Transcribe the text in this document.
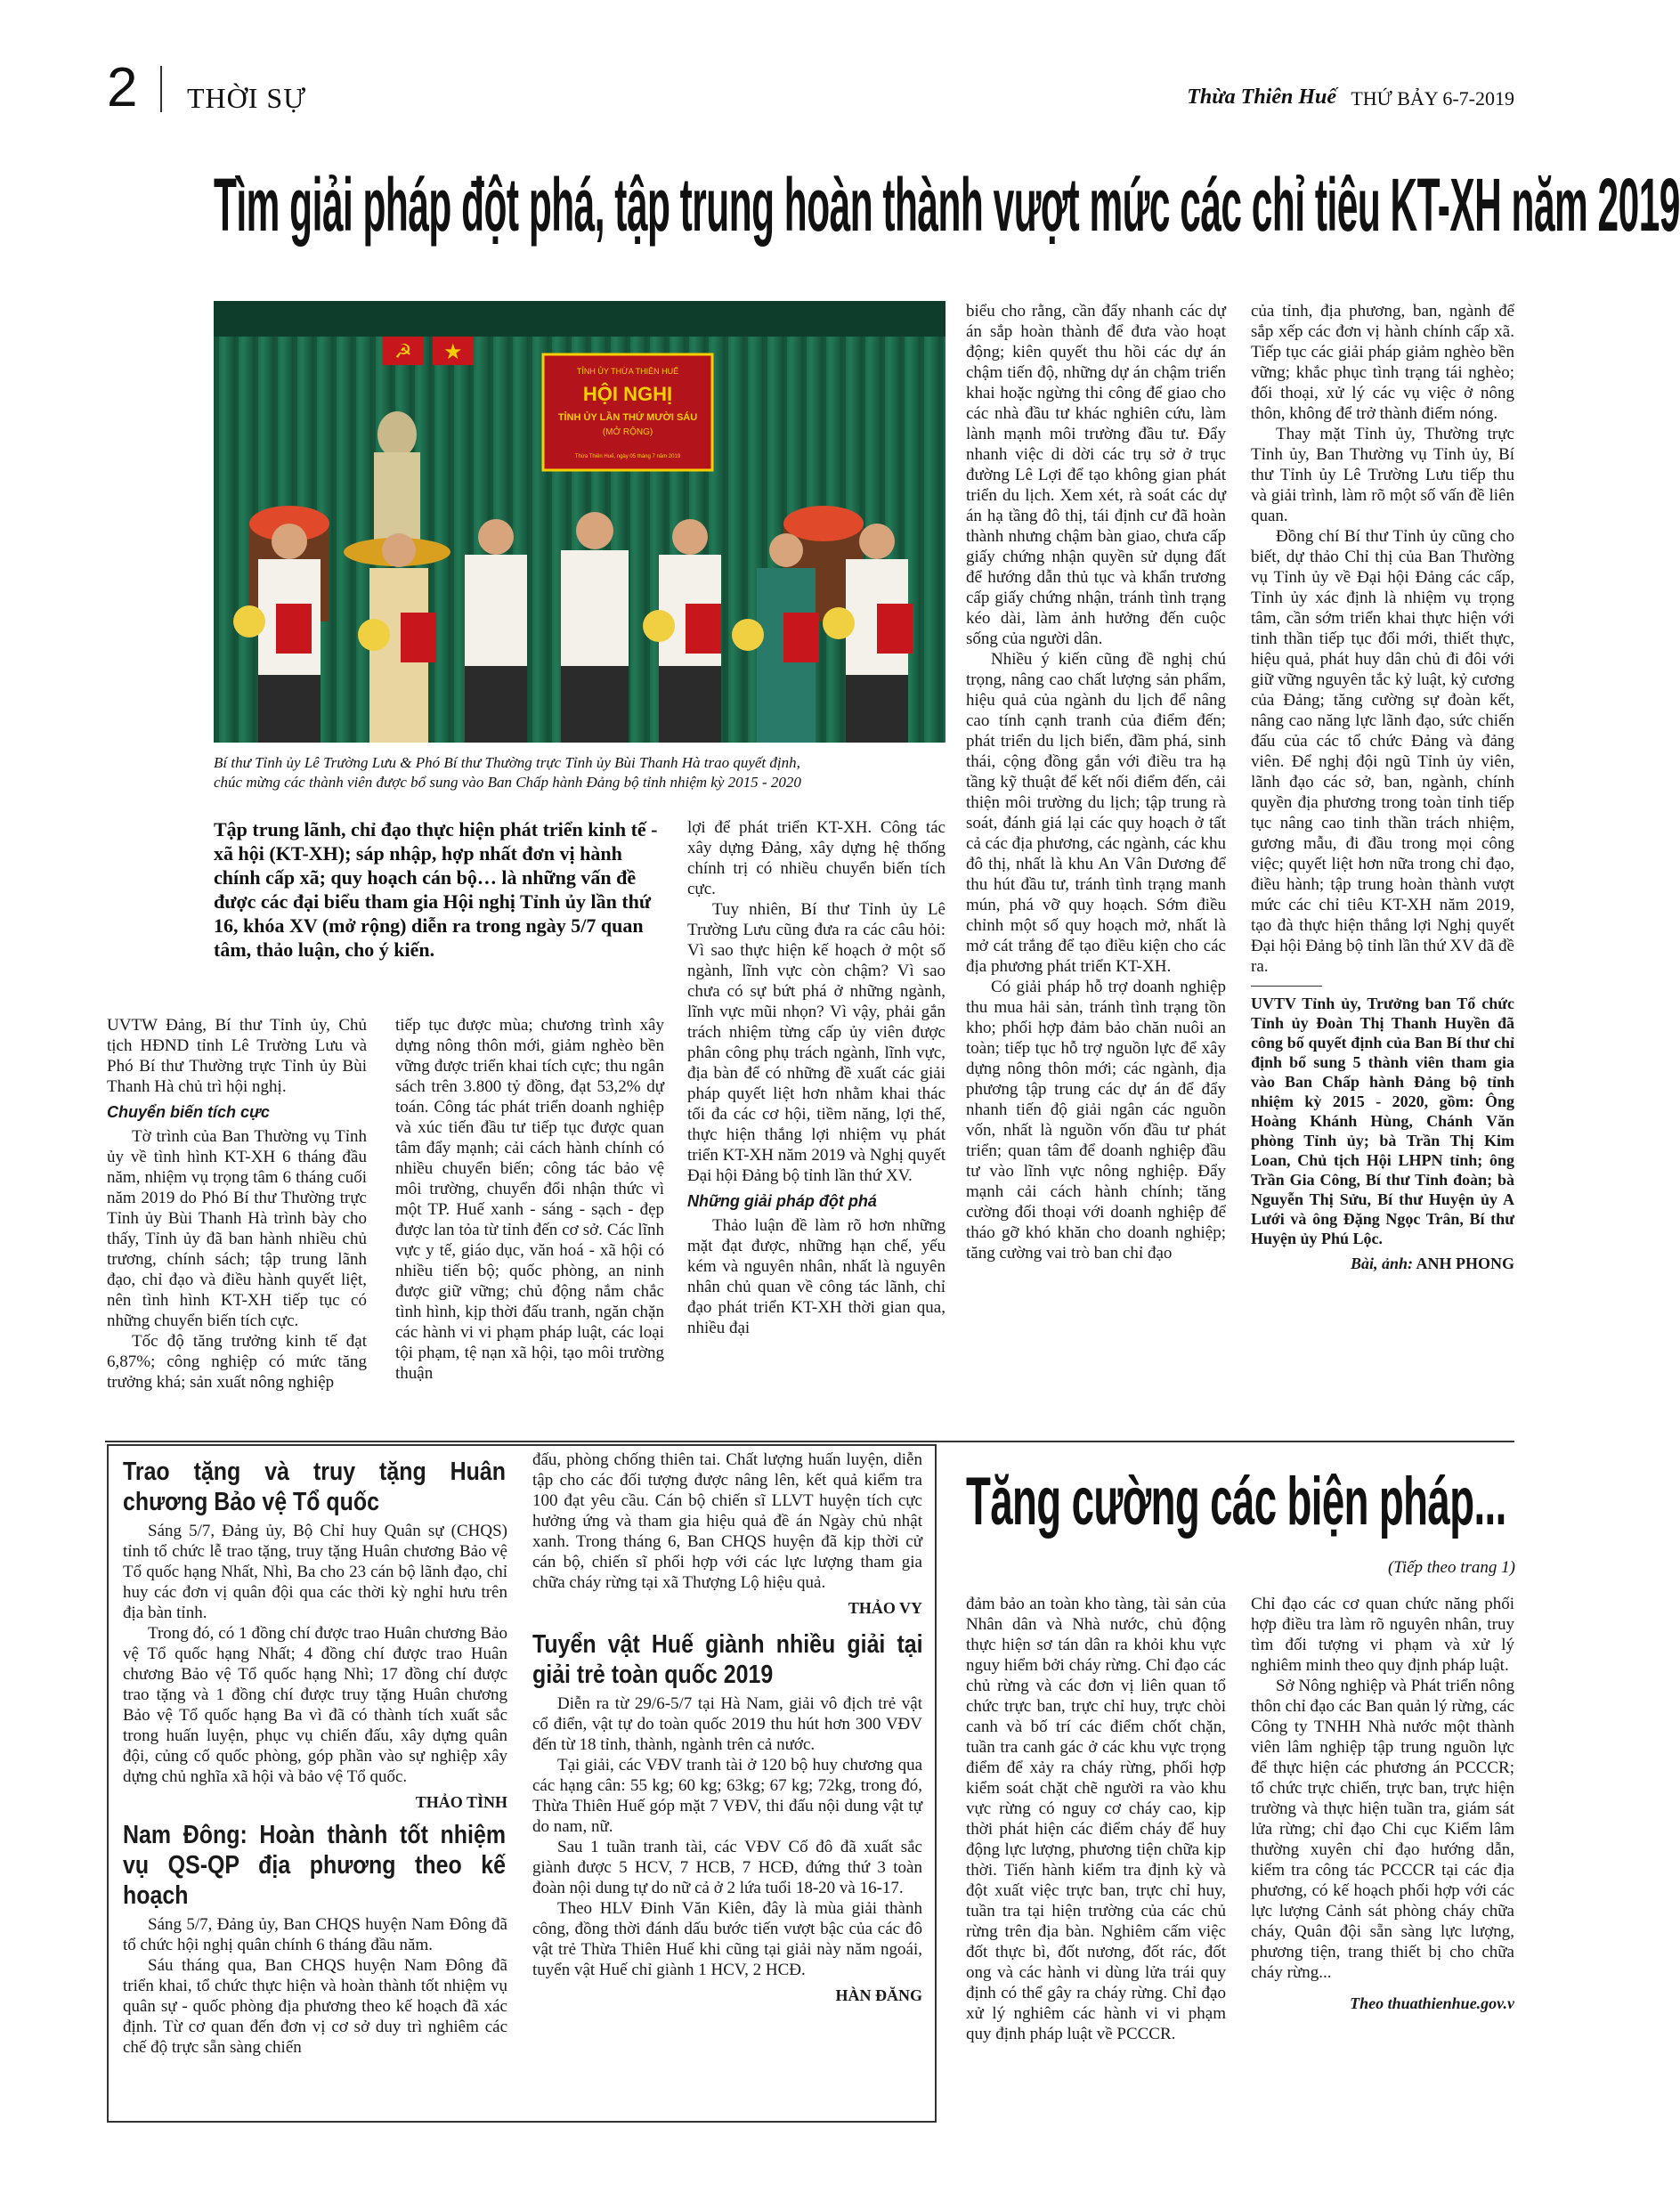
2 THỜI SỰ	Thừa Thiên Huế THỨ BẢY 6-7-2019
Tìm giải pháp đột phá, tập trung hoàn thành vượt mức các chỉ tiêu KT-XH năm 2019
☭ ★
TỈNH ỦY THỪA THIÊN HUẾ
HỘI NGHỊ
TỈNH ỦY LẦN THỨ MƯỜI SÁU
(MỞ RỘNG)
Thừa Thiên Huế, ngày 05 tháng 7 năm 2019
Bí thư Tỉnh ủy Lê Trường Lưu & Phó Bí thư Thường trực Tỉnh ủy Bùi Thanh Hà trao quyết định,
chúc mừng các thành viên được bổ sung vào Ban Chấp hành Đảng bộ tỉnh nhiệm kỳ 2015 - 2020
Tập trung lãnh, chỉ đạo thực hiện phát triển kinh tế - xã hội (KT-XH); sáp nhập, hợp nhất đơn vị hành chính cấp xã; quy hoạch cán bộ… là những vấn đề được các đại biểu tham gia Hội nghị Tỉnh ủy lần thứ 16, khóa XV (mở rộng) diễn ra trong ngày 5/7 quan tâm, thảo luận, cho ý kiến.

UVTW Đảng, Bí thư Tỉnh ủy, Chủ tịch HĐND tỉnh Lê Trường Lưu và Phó Bí thư Thường trực Tỉnh ủy Bùi Thanh Hà chủ trì hội nghị.

Chuyển biến tích cực

Tờ trình của Ban Thường vụ Tỉnh ủy về tình hình KT-XH 6 tháng đầu năm, nhiệm vụ trọng tâm 6 tháng cuối năm 2019 do Phó Bí thư Thường trực Tỉnh ủy Bùi Thanh Hà trình bày cho thấy, Tỉnh ủy đã ban hành nhiều chủ trương, chính sách; tập trung lãnh đạo, chỉ đạo và điều hành quyết liệt, nên tình hình KT-XH tiếp tục có những chuyển biến tích cực.

Tốc độ tăng trưởng kinh tế đạt 6,87%; công nghiệp có mức tăng trưởng khá; sản xuất nông nghiệp

tiếp tục được mùa; chương trình xây dựng nông thôn mới, giảm nghèo bền vững được triển khai tích cực; thu ngân sách trên 3.800 tỷ đồng, đạt 53,2% dự toán. Công tác phát triển doanh nghiệp và xúc tiến đầu tư tiếp tục được quan tâm đẩy mạnh; cải cách hành chính có nhiều chuyển biến; công tác bảo vệ môi trường, chuyển đổi nhận thức vì một TP. Huế xanh - sáng - sạch - đẹp được lan tỏa từ tỉnh đến cơ sở. Các lĩnh vực y tế, giáo dục, văn hoá - xã hội có nhiều tiến bộ; quốc phòng, an ninh được giữ vững; chủ động nắm chắc tình hình, kịp thời đấu tranh, ngăn chặn các hành vi vi phạm pháp luật, các loại tội phạm, tệ nạn xã hội, tạo môi trường thuận

lợi để phát triển KT-XH. Công tác xây dựng Đảng, xây dựng hệ thống chính trị có nhiều chuyển biến tích cực.

Tuy nhiên, Bí thư Tỉnh ủy Lê Trường Lưu cũng đưa ra các câu hỏi: Vì sao thực hiện kế hoạch ở một số ngành, lĩnh vực còn chậm? Vì sao chưa có sự bứt phá ở những ngành, lĩnh vực mũi nhọn? Vì vậy, phải gắn trách nhiệm từng cấp ủy viên được phân công phụ trách ngành, lĩnh vực, địa bàn để có những đề xuất các giải pháp quyết liệt hơn nhằm khai thác tối đa các cơ hội, tiềm năng, lợi thế, thực hiện thắng lợi nhiệm vụ phát triển KT-XH năm 2019 và Nghị quyết Đại hội Đảng bộ tỉnh lần thứ XV.

Những giải pháp đột phá

Thảo luận đề làm rõ hơn những mặt đạt được, những hạn chế, yếu kém và nguyên nhân, nhất là nguyên nhân chủ quan về công tác lãnh, chỉ đạo phát triển KT-XH thời gian qua, nhiều đại

biểu cho rằng, cần đẩy nhanh các dự án sắp hoàn thành để đưa vào hoạt động; kiên quyết thu hồi các dự án chậm tiến độ, những dự án chậm triển khai hoặc ngừng thi công để giao cho các nhà đầu tư khác nghiên cứu, làm lành mạnh môi trường đầu tư. Đẩy nhanh việc di dời các trụ sở ở trục đường Lê Lợi để tạo không gian phát triển du lịch. Xem xét, rà soát các dự án hạ tầng đô thị, tái định cư đã hoàn thành nhưng chậm bàn giao, chưa cấp giấy chứng nhận quyền sử dụng đất để hướng dẫn thủ tục và khẩn trương cấp giấy chứng nhận, tránh tình trạng kéo dài, làm ảnh hưởng đến cuộc sống của người dân.

Nhiều ý kiến cũng đề nghị chú trọng, nâng cao chất lượng sản phẩm, hiệu quả của ngành du lịch để nâng cao tính cạnh tranh của điểm đến; phát triển du lịch biển, đầm phá, sinh thái, cộng đồng gắn với điều tra hạ tầng kỹ thuật để kết nối điểm đến, cải thiện môi trường du lịch; tập trung rà soát, đánh giá lại các quy hoạch ở tất cả các địa phương, các ngành, các khu đô thị, nhất là khu An Vân Dương để thu hút đầu tư, tránh tình trạng manh mún, phá vỡ quy hoạch. Sớm điều chỉnh một số quy hoạch mở, nhất là mở cát trắng để tạo điều kiện cho các địa phương phát triển KT-XH.

Có giải pháp hỗ trợ doanh nghiệp thu mua hải sản, tránh tình trạng tồn kho; phối hợp đảm bảo chăn nuôi an toàn; tiếp tục hỗ trợ nguồn lực để xây dựng nông thôn mới; các ngành, địa phương tập trung các dự án để đẩy nhanh tiến độ giải ngân các nguồn vốn, nhất là nguồn vốn đầu tư phát triển; quan tâm để doanh nghiệp đầu tư vào lĩnh vực nông nghiệp. Đẩy mạnh cải cách hành chính; tăng cường đối thoại với doanh nghiệp để tháo gỡ khó khăn cho doanh nghiệp; tăng cường vai trò ban chỉ đạo

của tỉnh, địa phương, ban, ngành để sắp xếp các đơn vị hành chính cấp xã. Tiếp tục các giải pháp giảm nghèo bền vững; khắc phục tình trạng tái nghèo; đối thoại, xử lý các vụ việc ở nông thôn, không để trở thành điểm nóng.

Thay mặt Tỉnh ủy, Thường trực Tỉnh ủy, Ban Thường vụ Tỉnh ủy, Bí thư Tỉnh ủy Lê Trường Lưu tiếp thu và giải trình, làm rõ một số vấn đề liên quan.

Đồng chí Bí thư Tỉnh ủy cũng cho biết, dự thảo Chỉ thị của Ban Thường vụ Tỉnh ủy về Đại hội Đảng các cấp, Tỉnh ủy xác định là nhiệm vụ trọng tâm, cần sớm triển khai thực hiện với tinh thần tiếp tục đổi mới, thiết thực, hiệu quả, phát huy dân chủ đi đôi với giữ vững nguyên tắc kỷ luật, kỷ cương của Đảng; tăng cường sự đoàn kết, nâng cao năng lực lãnh đạo, sức chiến đấu của các tổ chức Đảng và đảng viên. Để nghị đội ngũ Tỉnh ủy viên, lãnh đạo các sở, ban, ngành, chính quyền địa phương trong toàn tỉnh tiếp tục nâng cao tinh thần trách nhiệm, gương mẫu, đi đầu trong mọi công việc; quyết liệt hơn nữa trong chỉ đạo, điều hành; tập trung hoàn thành vượt mức các chỉ tiêu KT-XH năm 2019, tạo đà thực hiện thắng lợi Nghị quyết Đại hội Đảng bộ tỉnh lần thứ XV đã đề ra.

UVTV Tỉnh ủy, Trưởng ban Tổ chức Tỉnh ủy Đoàn Thị Thanh Huyền đã công bố quyết định của Ban Bí thư chỉ định bổ sung 5 thành viên tham gia vào Ban Chấp hành Đảng bộ tỉnh nhiệm kỳ 2015 - 2020, gồm: Ông Hoàng Khánh Hùng, Chánh Văn phòng Tỉnh ủy; bà Trần Thị Kim Loan, Chủ tịch Hội LHPN tỉnh; ông Trần Gia Công, Bí thư Tỉnh đoàn; bà Nguyễn Thị Sửu, Bí thư Huyện ủy A Lưới và ông Đặng Ngọc Trân, Bí thư Huyện ủy Phú Lộc.

Bài, ảnh: ANH PHONG
Trao tặng và truy tặng Huân chương Bảo vệ Tổ quốc

Sáng 5/7, Đảng ủy, Bộ Chỉ huy Quân sự (CHQS) tỉnh tổ chức lễ trao tặng, truy tặng Huân chương Bảo vệ Tổ quốc hạng Nhất, Nhì, Ba cho 23 cán bộ lãnh đạo, chỉ huy các đơn vị quân đội qua các thời kỳ nghỉ hưu trên địa bàn tỉnh.

Trong đó, có 1 đồng chí được trao Huân chương Bảo vệ Tổ quốc hạng Nhất; 4 đồng chí được trao Huân chương Bảo vệ Tổ quốc hạng Nhì; 17 đồng chí được trao tặng và 1 đồng chí được truy tặng Huân chương Bảo vệ Tổ quốc hạng Ba vì đã có thành tích xuất sắc trong huấn luyện, phục vụ chiến đấu, xây dựng quân đội, củng cố quốc phòng, góp phần vào sự nghiệp xây dựng chủ nghĩa xã hội và bảo vệ Tổ quốc.

THẢO TÌNH
Nam Đông: Hoàn thành tốt nhiệm vụ QS-QP địa phương theo kế hoạch

Sáng 5/7, Đảng ủy, Ban CHQS huyện Nam Đông đã tổ chức hội nghị quân chính 6 tháng đầu năm.

Sáu tháng qua, Ban CHQS huyện Nam Đông đã triển khai, tổ chức thực hiện và hoàn thành tốt nhiệm vụ quân sự - quốc phòng địa phương theo kế hoạch đã xác định. Từ cơ quan đến đơn vị cơ sở duy trì nghiêm các chế độ trực sẵn sàng chiến

đấu, phòng chống thiên tai. Chất lượng huấn luyện, diễn tập cho các đối tượng được nâng lên, kết quả kiểm tra 100 đạt yêu cầu. Cán bộ chiến sĩ LLVT huyện tích cực hưởng ứng và tham gia hiệu quả đề án Ngày chủ nhật xanh. Trong tháng 6, Ban CHQS huyện đã kịp thời cử cán bộ, chiến sĩ phối hợp với các lực lượng tham gia chữa cháy rừng tại xã Thượng Lộ hiệu quả.

THẢO VY
Tuyển vật Huế giành nhiều giải tại giải trẻ toàn quốc 2019

Diễn ra từ 29/6-5/7 tại Hà Nam, giải vô địch trẻ vật cổ điển, vật tự do toàn quốc 2019 thu hút hơn 300 VĐV đến từ 18 tỉnh, thành, ngành trên cả nước.

Tại giải, các VĐV tranh tài ở 120 bộ huy chương qua các hạng cân: 55 kg; 60 kg; 63kg; 67 kg; 72kg, trong đó, Thừa Thiên Huế góp mặt 7 VĐV, thi đấu nội dung vật tự do nam, nữ.

Sau 1 tuần tranh tài, các VĐV Cố đô đã xuất sắc giành được 5 HCV, 7 HCB, 7 HCĐ, đứng thứ 3 toàn đoàn nội dung tự do nữ cả ở 2 lứa tuổi 18-20 và 16-17.

Theo HLV Đinh Văn Kiên, đây là mùa giải thành công, đồng thời đánh dấu bước tiến vượt bậc của các đô vật trẻ Thừa Thiên Huế khi cũng tại giải này năm ngoái, tuyển vật Huế chỉ giành 1 HCV, 2 HCĐ.

HÀN ĐĂNG
Tăng cường các biện pháp...
(Tiếp theo trang 1)

đảm bảo an toàn kho tàng, tài sản của Nhân dân và Nhà nước, chủ động thực hiện sơ tán dân ra khỏi khu vực nguy hiểm bởi cháy rừng. Chỉ đạo các chủ rừng và các đơn vị liên quan tổ chức trực ban, trực chỉ huy, trực chòi canh và bố trí các điểm chốt chặn, tuần tra canh gác ở các khu vực trọng điểm để xảy ra cháy rừng, phối hợp kiểm soát chặt chẽ người ra vào khu vực rừng có nguy cơ cháy cao, kịp thời phát hiện các điểm cháy để huy động lực lượng, phương tiện chữa kịp thời. Tiến hành kiểm tra định kỳ và đột xuất việc trực ban, trực chỉ huy, tuần tra tại hiện trường của các chủ rừng trên địa bàn. Nghiêm cấm việc đốt thực bì, đốt nương, đốt rác, đốt ong và các hành vi dùng lửa trái quy định có thể gây ra cháy rừng. Chỉ đạo xử lý nghiêm các hành vi vi phạm quy định pháp luật về PCCCR.

Chỉ đạo các cơ quan chức năng phối hợp điều tra làm rõ nguyên nhân, truy tìm đối tượng vi phạm và xử lý nghiêm minh theo quy định pháp luật.

Sở Nông nghiệp và Phát triển nông thôn chỉ đạo các Ban quản lý rừng, các Công ty TNHH Nhà nước một thành viên lâm nghiệp tập trung nguồn lực để thực hiện các phương án PCCCR; tổ chức trực chiến, trực ban, trực hiện trường và thực hiện tuần tra, giám sát lửa rừng; chỉ đạo Chi cục Kiểm lâm thường xuyên chỉ đạo hướng dẫn, kiểm tra công tác PCCCR tại các địa phương, có kế hoạch phối hợp với các lực lượng Cảnh sát phòng cháy chữa cháy, Quân đội sẵn sàng lực lượng, phương tiện, trang thiết bị cho chữa cháy rừng...

Theo thuathienhue.gov.v
